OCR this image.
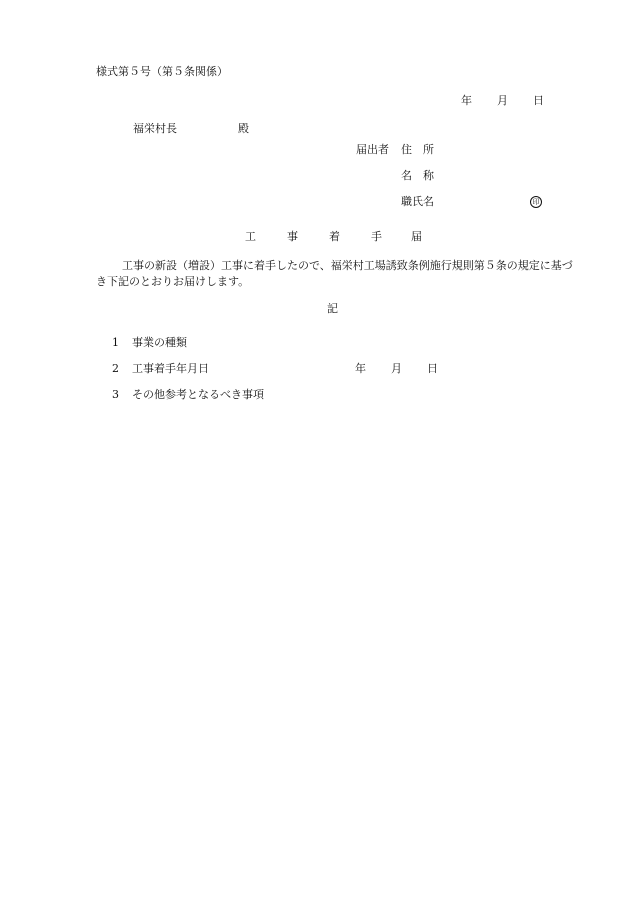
様式第５号（第５条関係）
年 月 日
福栄村長	殿
届出者 住　所
名　称
職氏名	印
工	事	着	手	届
工事の新設（増設）工事に着手したので、福栄村工場誘致条例施行規則第５条の規定に基づき下記のとおりお届けします。
記
1 事業の種類
2 工事着手年月日	年 月 日
3 その他参考となるべき事項
